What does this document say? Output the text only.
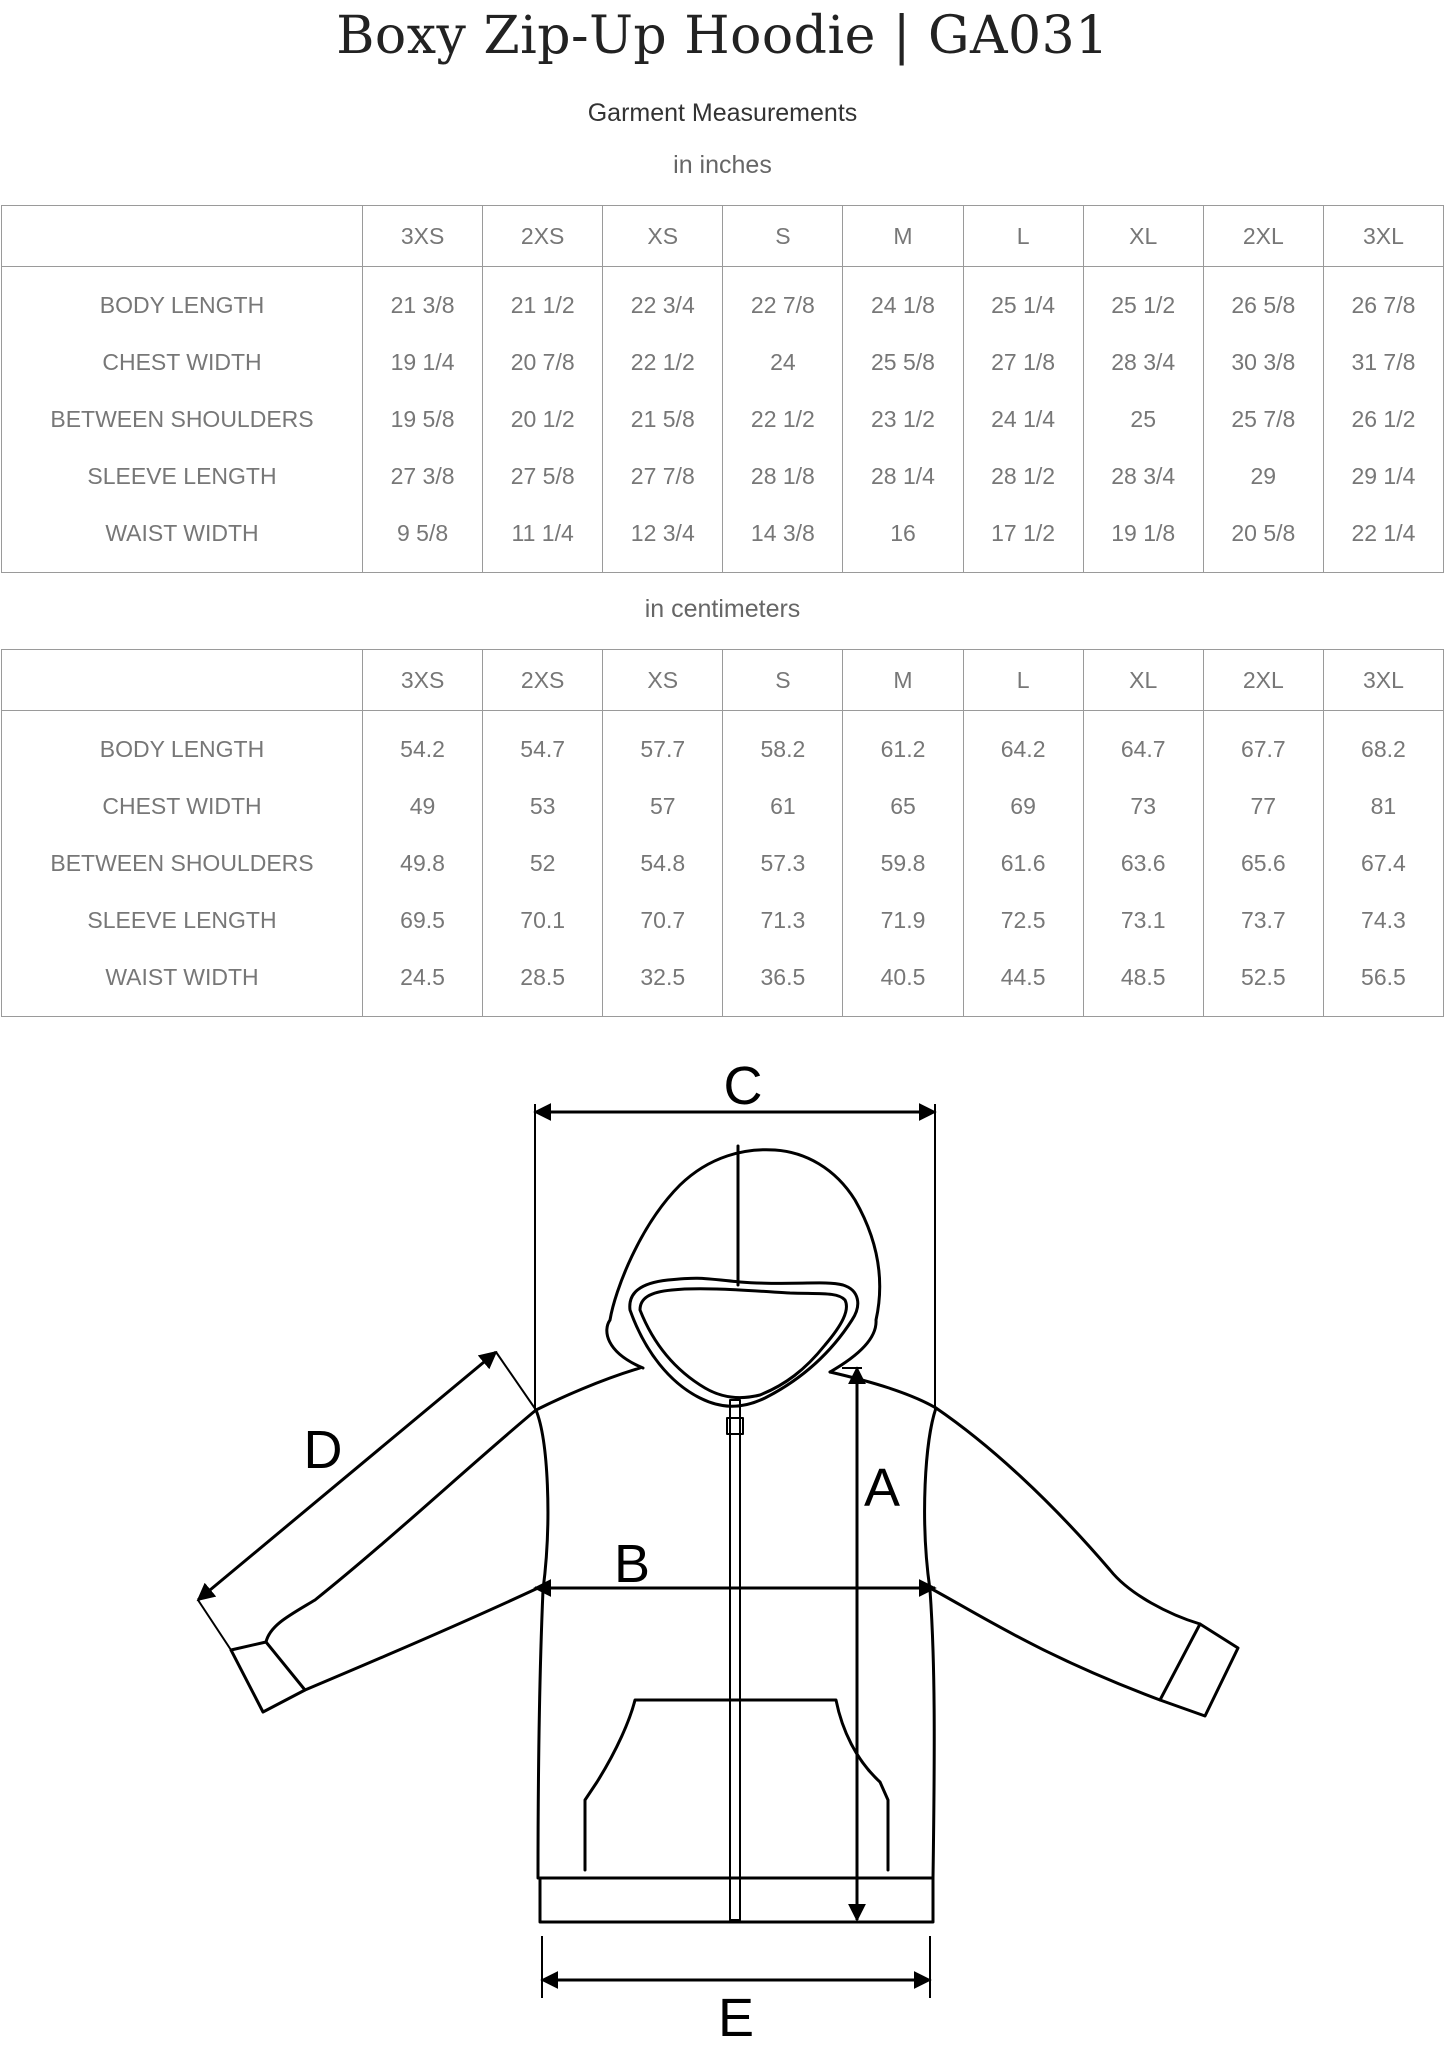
Boxy Zip-Up Hoodie | GA031
Garment Measurements
in inches
	3XS	2XS	XS	S	M	L	XL	2XL	3XL
BODY LENGTH	21 3/8	21 1/2	22 3/4	22 7/8	24 1/8	25 1/4	25 1/2	26 5/8	26 7/8
CHEST WIDTH	19 1/4	20 7/8	22 1/2	24	25 5/8	27 1/8	28 3/4	30 3/8	31 7/8
BETWEEN SHOULDERS	19 5/8	20 1/2	21 5/8	22 1/2	23 1/2	24 1/4	25	25 7/8	26 1/2
SLEEVE LENGTH	27 3/8	27 5/8	27 7/8	28 1/8	28 1/4	28 1/2	28 3/4	29	29 1/4
WAIST WIDTH	9 5/8	11 1/4	12 3/4	14 3/8	16	17 1/2	19 1/8	20 5/8	22 1/4
in centimeters
	3XS	2XS	XS	S	M	L	XL	2XL	3XL
BODY LENGTH	54.2	54.7	57.7	58.2	61.2	64.2	64.7	67.7	68.2
CHEST WIDTH	49	53	57	61	65	69	73	77	81
BETWEEN SHOULDERS	49.8	52	54.8	57.3	59.8	61.6	63.6	65.6	67.4
SLEEVE LENGTH	69.5	70.1	70.7	71.3	71.9	72.5	73.1	73.7	74.3
WAIST WIDTH	24.5	28.5	32.5	36.5	40.5	44.5	48.5	52.5	56.5
C
B
A
D
E
